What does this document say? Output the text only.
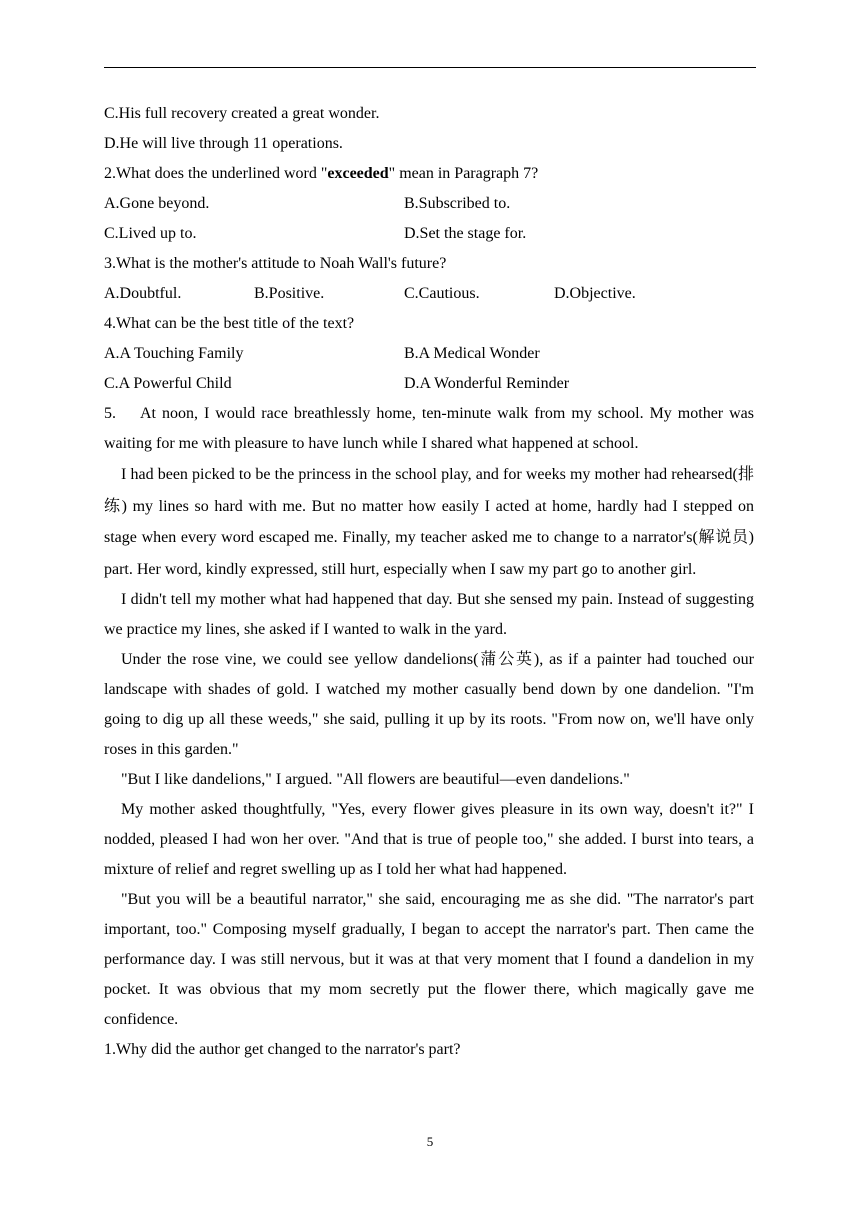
C.His full recovery created a great wonder.
D.He will live through 11 operations.
2.What does the underlined word "exceeded" mean in Paragraph 7?
A.Gone beyond.	B.Subscribed to.
C.Lived up to.	D.Set the stage for.
3.What is the mother's attitude to Noah Wall's future?
A.Doubtful.	B.Positive.	C.Cautious.	D.Objective.
4.What can be the best title of the text?
A.A Touching Family	B.A Medical Wonder
C.A Powerful Child	D.A Wonderful Reminder

5.    At noon, I would race breathlessly home, ten-minute walk from my school. My mother was waiting for me with pleasure to have lunch while I shared what happened at school.

I had been picked to be the princess in the school play, and for weeks my mother had rehearsed(排练) my lines so hard with me. But no matter how easily I acted at home, hardly had I stepped on stage when every word escaped me. Finally, my teacher asked me to change to a narrator's(解说员) part. Her word, kindly expressed, still hurt, especially when I saw my part go to another girl.

I didn't tell my mother what had happened that day. But she sensed my pain. Instead of suggesting we practice my lines, she asked if I wanted to walk in the yard.

Under the rose vine, we could see yellow dandelions(蒲公英), as if a painter had touched our landscape with shades of gold. I watched my mother casually bend down by one dandelion. "I'm going to dig up all these weeds," she said, pulling it up by its roots. "From now on, we'll have only roses in this garden."

"But I like dandelions," I argued. "All flowers are beautiful—even dandelions."

My mother asked thoughtfully, "Yes, every flower gives pleasure in its own way, doesn't it?" I nodded, pleased I had won her over. "And that is true of people too," she added. I burst into tears, a mixture of relief and regret swelling up as I told her what had happened.

"But you will be a beautiful narrator," she said, encouraging me as she did. "The narrator's part important, too." Composing myself gradually, I began to accept the narrator's part. Then came the performance day. I was still nervous, but it was at that very moment that I found a dandelion in my pocket. It was obvious that my mom secretly put the flower there, which magically gave me confidence.

1.Why did the author get changed to the narrator's part?
5
